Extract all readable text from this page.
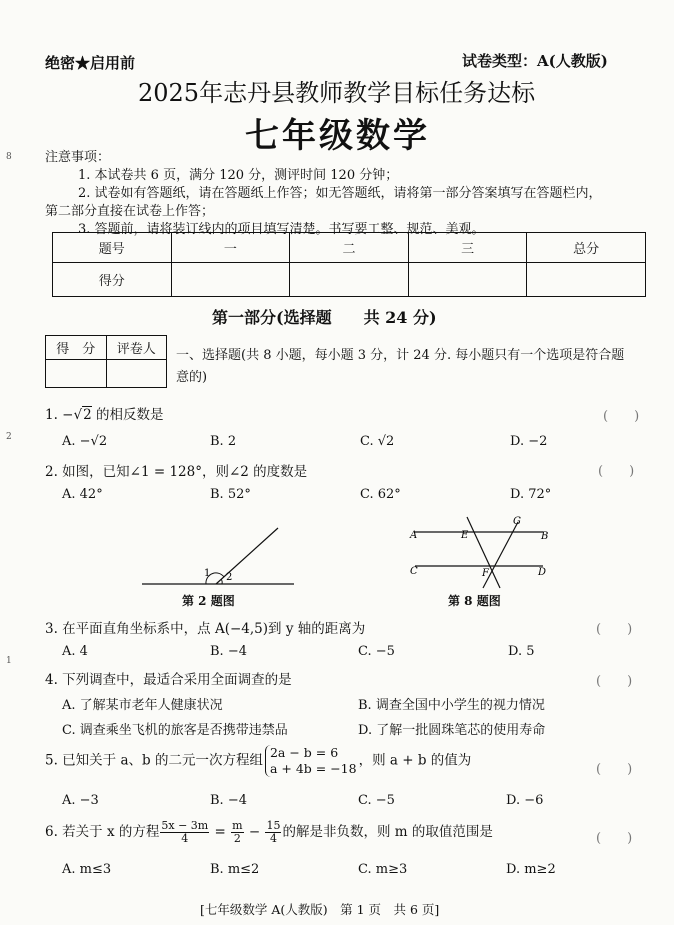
8
2
1
绝密★启用前	试卷类型：A(人教版)
2025年志丹县教师教学目标任务达标
七年级数学
注意事项：
1. 本试卷共 6 页，满分 120 分，测评时间 120 分钟；
2. 试卷如有答题纸，请在答题纸上作答；如无答题纸，请将第一部分答案填写在答题栏内，
第二部分直接在试卷上作答；
3. 答题前，请将装订线内的项目填写清楚。书写要工整、规范、美观。
题号	一	二	三	总分
得分				
第一部分(选择题　　共 24 分)
得　分	评卷人
	一、选择题(共 8 小题，每小题 3 分，计 24 分. 每小题只有一个选项是符合题
意的)
1. −√2 的相反数是	(　　)
A. −√2	B. 2	C. √2	D. −2
2. 如图，已知∠1 = 128°，则∠2 的度数是	(　　)
A. 42°	B. 52°	C. 62°	D. 72°
1 2
第 2 题图
A	E
G
B
C	F	D
第 8 题图
3. 在平面直角坐标系中，点 A(−4,5)到 y 轴的距离为	(　　)
A. 4	B. −4	C. −5	D. 5
4. 下列调查中，最适合采用全面调查的是	(　　)
A. 了解某市老年人健康状况	B. 调查全国中小学生的视力情况
C. 调查乘坐飞机的旅客是否携带违禁品	D. 了解一批圆珠笔芯的使用寿命
5. 已知关于 a、b 的二元一次方程组 2a − b = 6
a + 4b = −18 ，则 a + b 的值为
(　　)
A. −3	B. −4	C. −5	D. −6
6. 若关于 x 的方程 $\frac{5x - 3m}{4} = \frac{m}{2} - \frac{15}{4}$ 的解是非负数，则 m 的取值范围是	(　　)
A. m≤3	B. m≤2	C. m≥3	D. m≥2
[七年级数学 A(人教版)　第 1 页　共 6 页]
